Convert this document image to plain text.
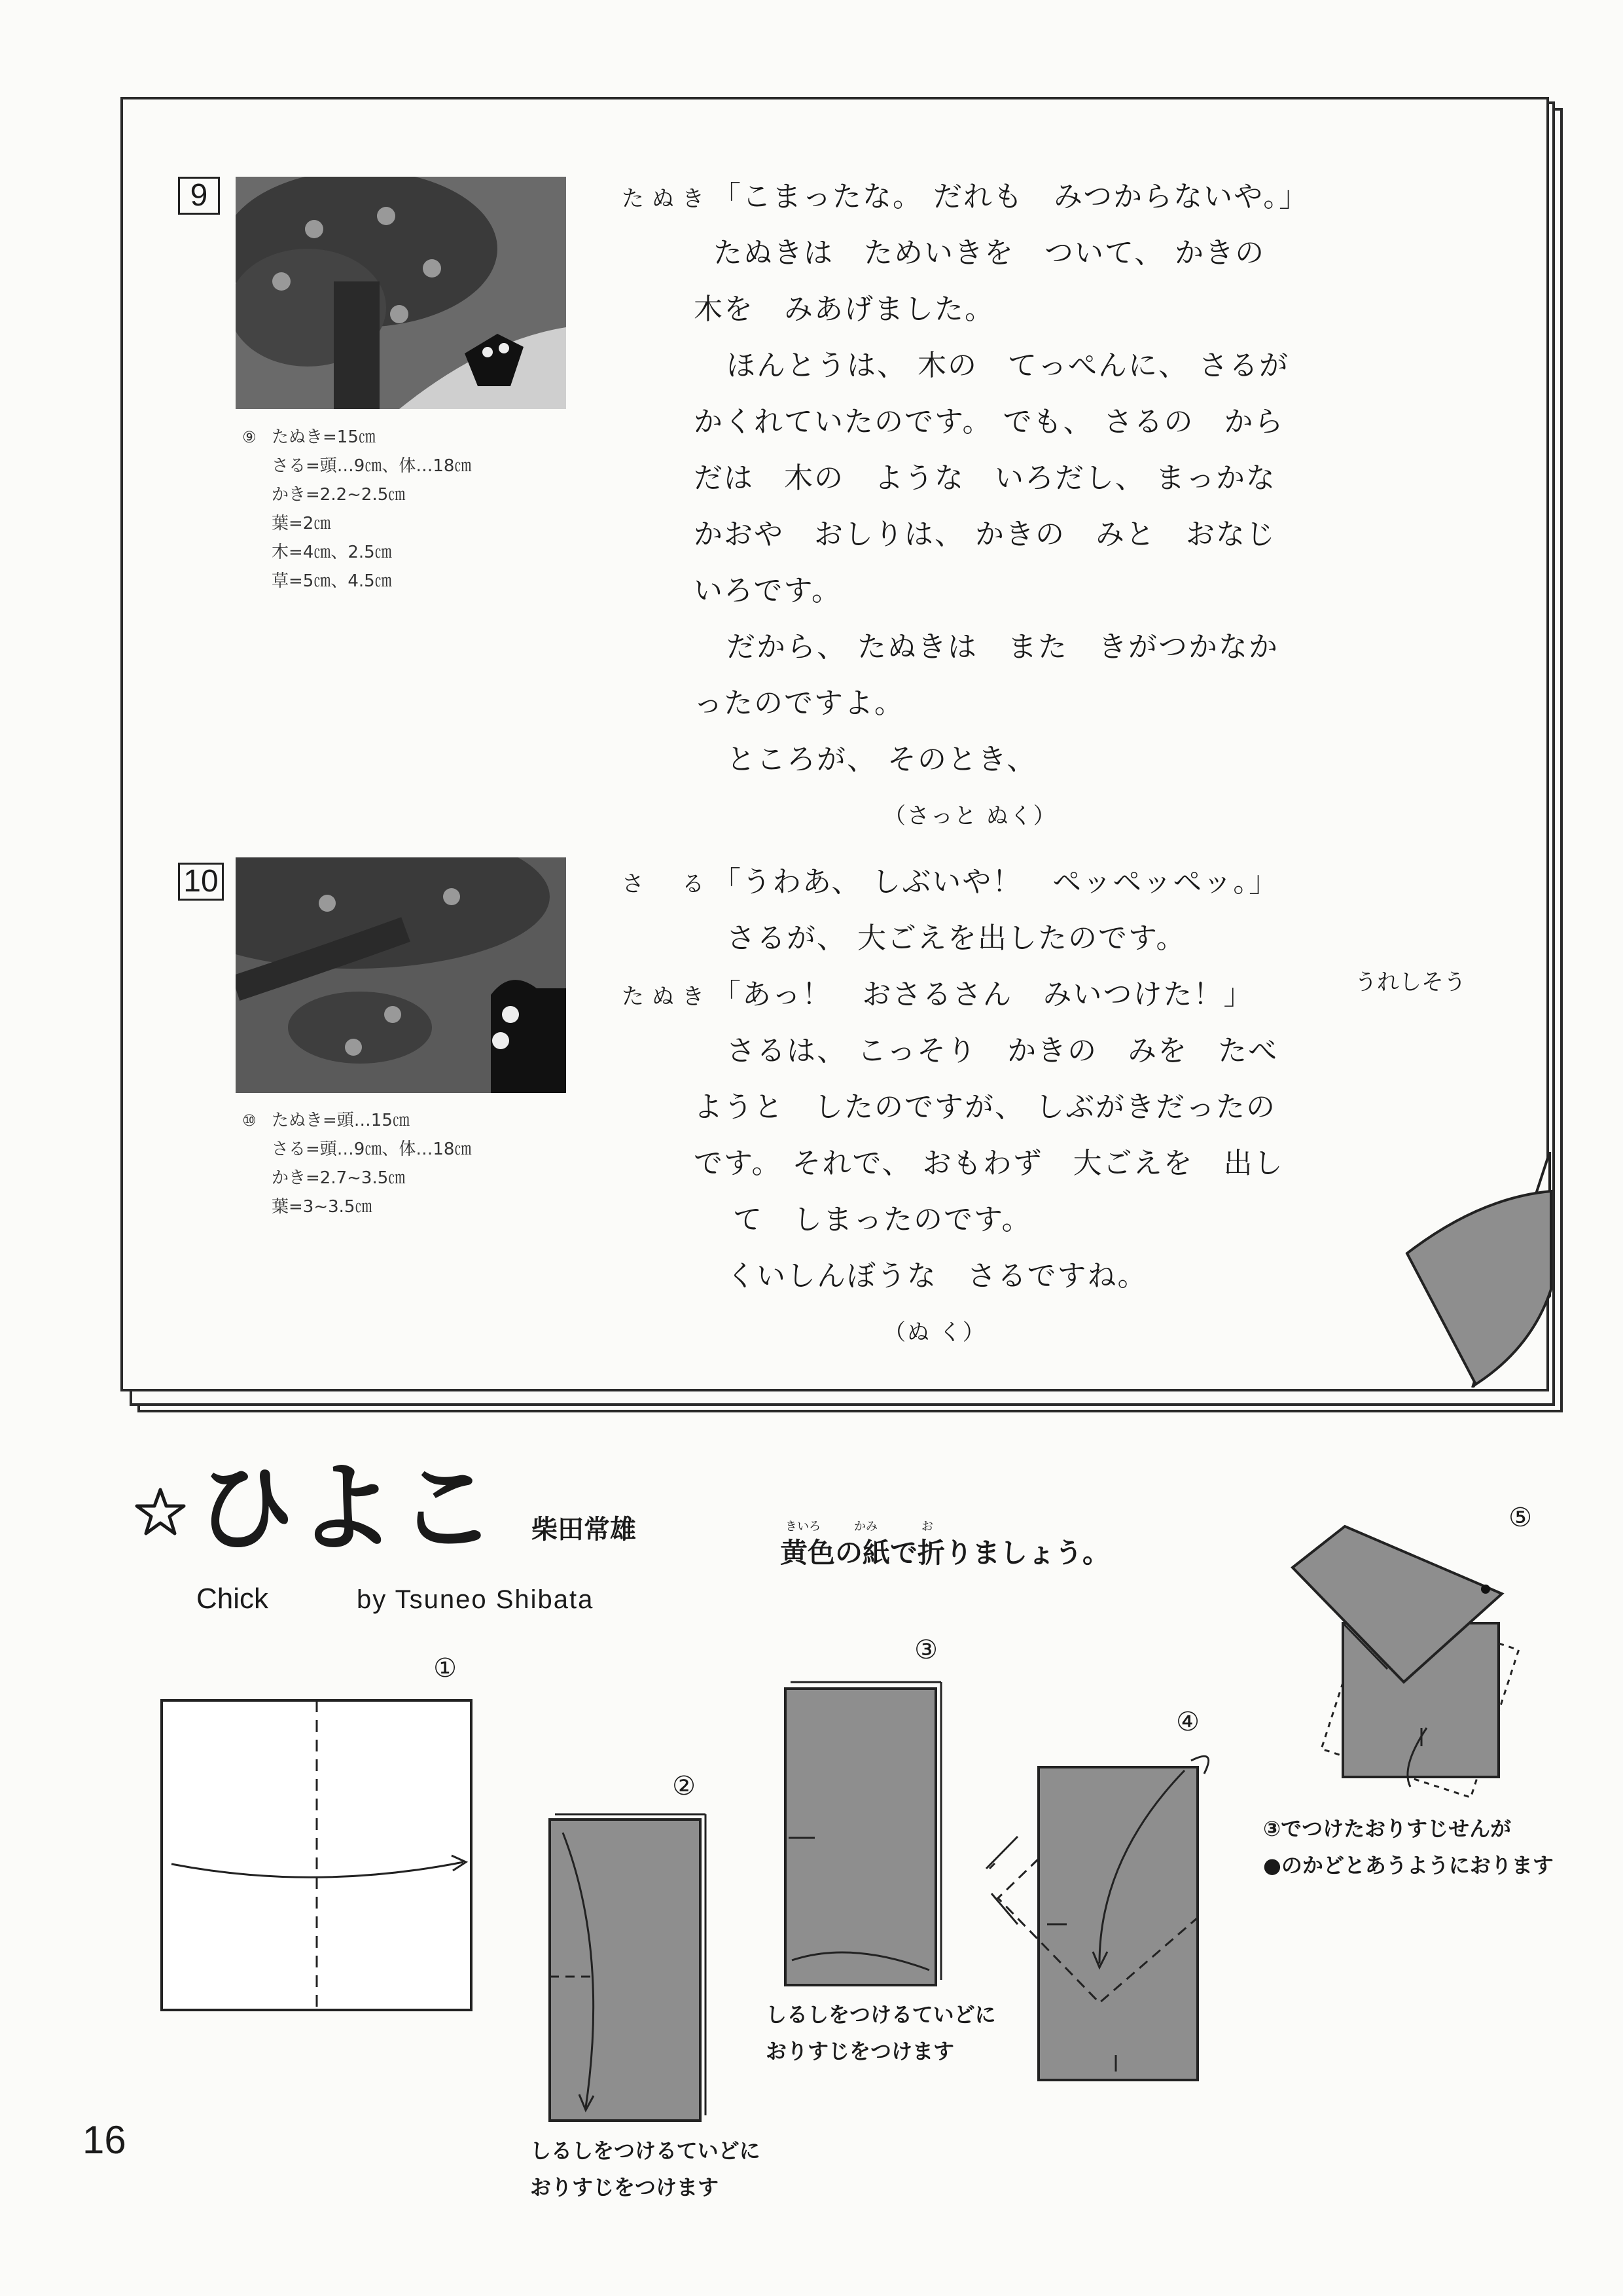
9
⑨ たぬき=15㎝
さる=頭…9㎝、体…18㎝
かき=2.2~2.5㎝
葉=2㎝
木=4㎝、2.5㎝
草=5㎝、4.5㎝
たぬき「こまったな。 だれも　みつからないや。」
たぬきは　ためいきを　ついて、 かきの
木を　みあげました。
ほんとうは、 木の　てっぺんに、 さるが
かくれていたのです。 でも、 さるの　から
だは　木の　ような　いろだし、 まっかな
かおや　おしりは、 かきの　みと　おなじ
いろです。
だから、 たぬきは　また　きがつかなか
ったのですよ。
ところが、 そのとき、
（さっと ぬく）
10
⑩ たぬき=頭…15㎝
さる=頭…9㎝、体…18㎝
かき=2.7~3.5㎝
葉=3~3.5㎝
さ　る「うわあ、 しぶいや！　ペッペッペッ。」
さるが、 大ごえを出したのです。
たぬき「あっ！　おさるさん　みいつけた！」
さるは、 こっそり　かきの　みを　たべ
ようと　したのですが、 しぶがきだったの
です。 それで、 おもわず　大ごえを　出し
て　しまったのです。
くいしんぼうな　さるですね。
（ぬ く）
うれしそう
ひよこ 柴田常雄
Chick	by Tsuneo Shibata
きいろ	かみ	お
黄色の紙で折りましょう。
①
②
③
④
⑤
しるしをつけるていどに
おりすじをつけます
しるしをつけるていどに
おりすじをつけます
③でつけたおりすじせんが
●のかどとあうようにおります
16
